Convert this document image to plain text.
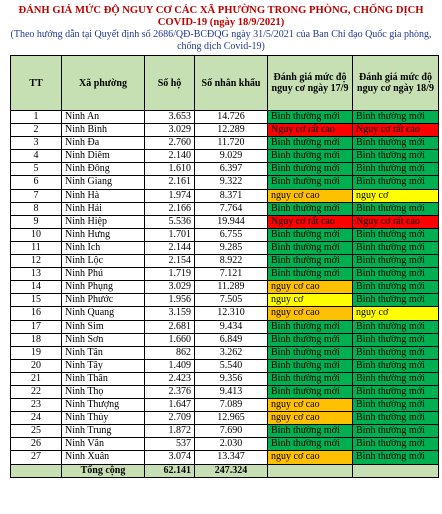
ĐÁNH GIÁ MỨC ĐỘ NGUY CƠ CÁC XÃ PHƯỜNG TRONG PHÒNG, CHỐNG DỊCH
COVID-19 (ngày 18/9/2021)
(Theo hướng dẫn tại Quyết định số 2686/QĐ-BCĐQG ngày 31/5/2021 của Ban Chỉ đạo Quốc gia phòng, chống dịch Covid-19)
TT	Xã phường	Số hộ	Số nhân khẩu	Đánh giá mức độ nguy cơ ngày 17/9	Đánh giá mức độ nguy cơ ngày 18/9
1	Ninh An	3.653	14.726	Bình thường mới	Bình thường mới
2	Ninh Bình	3.029	12.289	Nguy cơ rất cao	Nguy cơ rất cao
3	Ninh Đa	2.760	11.720	Bình thường mới	Bình thường mới
4	Ninh Diêm	2.140	9.029	Bình thường mới	Bình thường mới
5	Ninh Đông	1.610	6.397	Bình thường mới	Bình thường mới
6	Ninh Giang	2.161	9.322	Bình thường mới	Bình thường mới
7	Ninh Hà	1.974	8.371	nguy cơ cao	nguy cơ
8	Ninh Hải	2.166	7.764	Bình thường mới	Bình thường mới
9	Ninh Hiệp	5.536	19.944	Nguy cơ rất cao	Nguy cơ rất cao
10	Ninh Hưng	1.701	6.755	Bình thường mới	Bình thường mới
11	Ninh Ích	2.144	9.285	Bình thường mới	Bình thường mới
12	Ninh Lộc	2.154	8.922	Bình thường mới	Bình thường mới
13	Ninh Phú	1.719	7.121	Bình thường mới	Bình thường mới
14	Ninh Phụng	3.029	11.289	nguy cơ cao	Bình thường mới
15	Ninh Phước	1.956	7.505	nguy cơ	Bình thường mới
16	Ninh Quang	3.159	12.310	nguy cơ cao	nguy cơ
17	Ninh Sim	2.681	9.434	Bình thường mới	Bình thường mới
18	Ninh Sơn	1.660	6.849	Bình thường mới	Bình thường mới
19	Ninh Tân	862	3.262	Bình thường mới	Bình thường mới
20	Ninh Tây	1.409	5.540	Bình thường mới	Bình thường mới
21	Ninh Thân	2.423	9.356	Bình thường mới	Bình thường mới
22	Ninh Thọ	2.376	9.413	Bình thường mới	Bình thường mới
23	Ninh Thượng	1.647	7.089	nguy cơ cao	Bình thường mới
24	Ninh Thủy	2.709	12.965	nguy cơ cao	Bình thường mới
25	Ninh Trung	1.872	7.690	Bình thường mới	Bình thường mới
26	Ninh Vân	537	2.030	Bình thường mới	Bình thường mới
27	Ninh Xuân	3.074	13.347	nguy cơ cao	Bình thường mới
	Tổng cộng	62.141	247.324		
